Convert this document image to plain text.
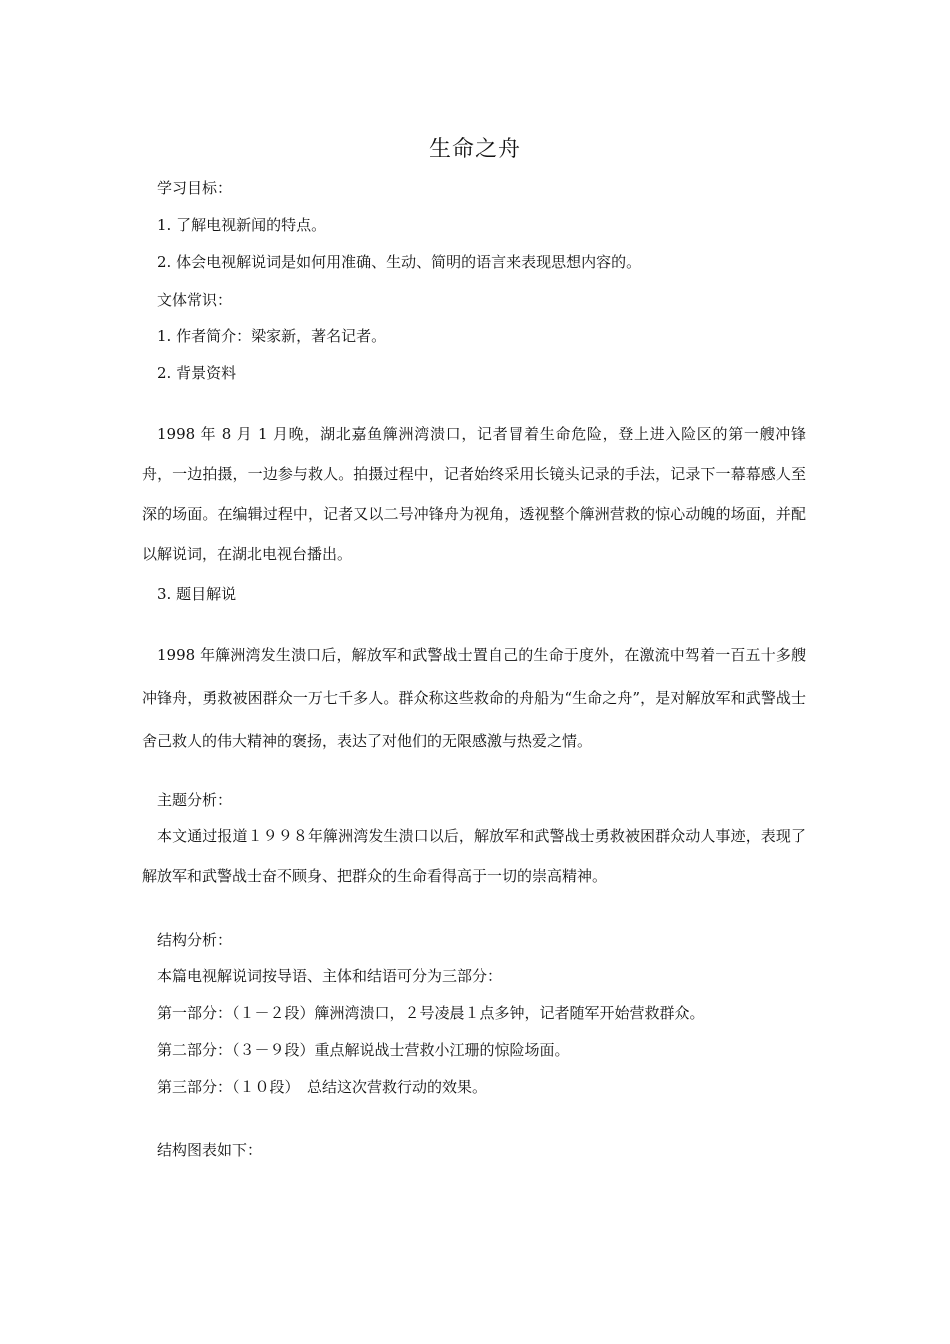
生命之舟
学习目标：
1. 了解电视新闻的特点。
2. 体会电视解说词是如何用准确、生动、简明的语言来表现思想内容的。
文体常识：
1. 作者简介：梁家新，著名记者。
2. 背景资料
1998 年 8 月 1 月晚，湖北嘉鱼簰洲湾溃口，记者冒着生命危险，登上进入险区的第一艘冲锋舟，一边拍摄，一边参与救人。拍摄过程中，记者始终采用长镜头记录的手法，记录下一幕幕感人至深的场面。在编辑过程中，记者又以二号冲锋舟为视角，透视整个簰洲营救的惊心动魄的场面，并配以解说词，在湖北电视台播出。
3. 题目解说
1998 年簰洲湾发生溃口后，解放军和武警战士置自己的生命于度外，在激流中驾着一百五十多艘冲锋舟，勇救被困群众一万七千多人。群众称这些救命的舟船为“生命之舟”，是对解放军和武警战士舍己救人的伟大精神的褒扬，表达了对他们的无限感激与热爱之情。
主题分析：
本文通过报道１９９８年簰洲湾发生溃口以后，解放军和武警战士勇救被困群众动人事迹，表现了解放军和武警战士奋不顾身、把群众的生命看得高于一切的崇高精神。
结构分析：
本篇电视解说词按导语、主体和结语可分为三部分：
第一部分：（１－２段）簰洲湾溃口，２号凌晨１点多钟，记者随军开始营救群众。
第二部分：（３－９段）重点解说战士营救小江珊的惊险场面。
第三部分：（１０段）　总结这次营救行动的效果。
结构图表如下：
